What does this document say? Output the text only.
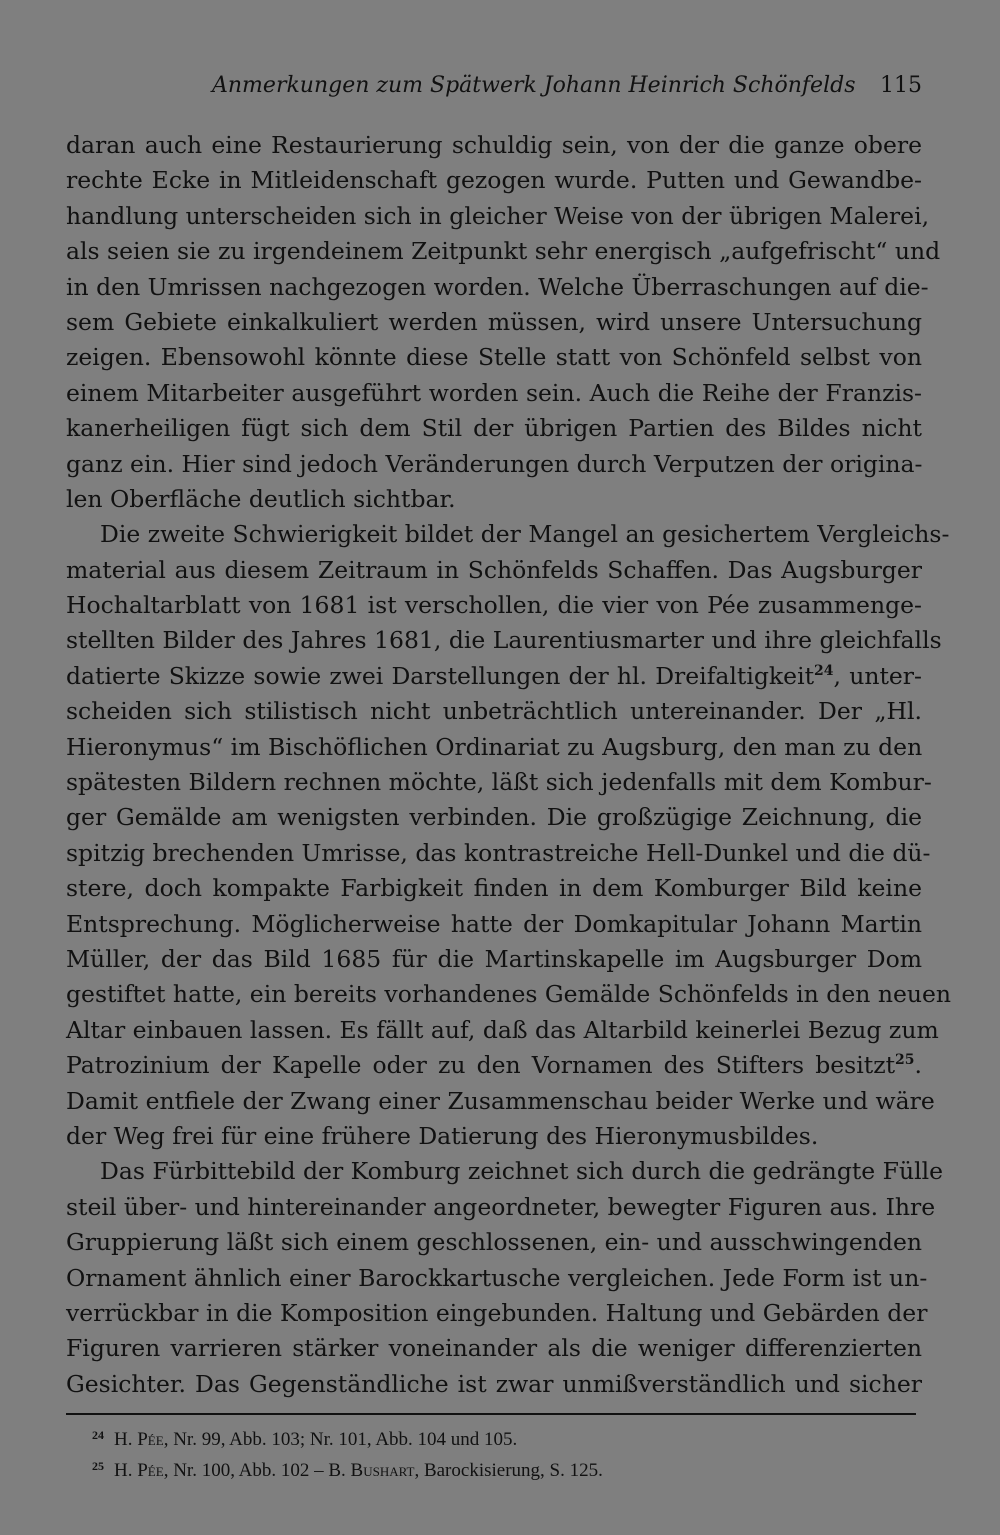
Anmerkungen zum Spätwerk Johann Heinrich Schönfelds 115
daran auch eine Restaurierung schuldig sein, von der die ganze obere
rechte Ecke in Mitleidenschaft gezogen wurde. Putten und Gewandbe-
handlung unterscheiden sich in gleicher Weise von der übrigen Malerei,
als seien sie zu irgendeinem Zeitpunkt sehr energisch „aufgefrischt“ und
in den Umrissen nachgezogen worden. Welche Überraschungen auf die-
sem Gebiete einkalkuliert werden müssen, wird unsere Untersuchung
zeigen. Ebensowohl könnte diese Stelle statt von Schönfeld selbst von
einem Mitarbeiter ausgeführt worden sein. Auch die Reihe der Franzis-
kanerheiligen fügt sich dem Stil der übrigen Partien des Bildes nicht
ganz ein. Hier sind jedoch Veränderungen durch Verputzen der origina-
len Oberfläche deutlich sichtbar.
Die zweite Schwierigkeit bildet der Mangel an gesichertem Vergleichs-
material aus diesem Zeitraum in Schönfelds Schaffen. Das Augsburger
Hochaltarblatt von 1681 ist verschollen, die vier von Pée zusammenge-
stellten Bilder des Jahres 1681, die Laurentiusmarter und ihre gleichfalls
datierte Skizze sowie zwei Darstellungen der hl. Dreifaltigkeit$^{24}$, unter-
scheiden sich stilistisch nicht unbeträchtlich untereinander. Der „Hl.
Hieronymus“ im Bischöflichen Ordinariat zu Augsburg, den man zu den
spätesten Bildern rechnen möchte, läßt sich jedenfalls mit dem Kombur-
ger Gemälde am wenigsten verbinden. Die großzügige Zeichnung, die
spitzig brechenden Umrisse, das kontrastreiche Hell-Dunkel und die dü-
stere, doch kompakte Farbigkeit finden in dem Komburger Bild keine
Entsprechung. Möglicherweise hatte der Domkapitular Johann Martin
Müller, der das Bild 1685 für die Martinskapelle im Augsburger Dom
gestiftet hatte, ein bereits vorhandenes Gemälde Schönfelds in den neuen
Altar einbauen lassen. Es fällt auf, daß das Altarbild keinerlei Bezug zum
Patrozinium der Kapelle oder zu den Vornamen des Stifters besitzt$^{25}$.
Damit entfiele der Zwang einer Zusammenschau beider Werke und wäre
der Weg frei für eine frühere Datierung des Hieronymusbildes.
Das Fürbittebild der Komburg zeichnet sich durch die gedrängte Fülle
steil über- und hintereinander angeordneter, bewegter Figuren aus. Ihre
Gruppierung läßt sich einem geschlossenen, ein- und ausschwingenden
Ornament ähnlich einer Barockkartusche vergleichen. Jede Form ist un-
verrückbar in die Komposition eingebunden. Haltung und Gebärden der
Figuren varrieren stärker voneinander als die weniger differenzierten
Gesichter. Das Gegenständliche ist zwar unmißverständlich und sicher
$^{24}$ H. Pée, Nr. 99, Abb. 103; Nr. 101, Abb. 104 und 105.
$^{25}$ H. Pée, Nr. 100, Abb. 102 – B. Bushart, Barockisierung, S. 125.
